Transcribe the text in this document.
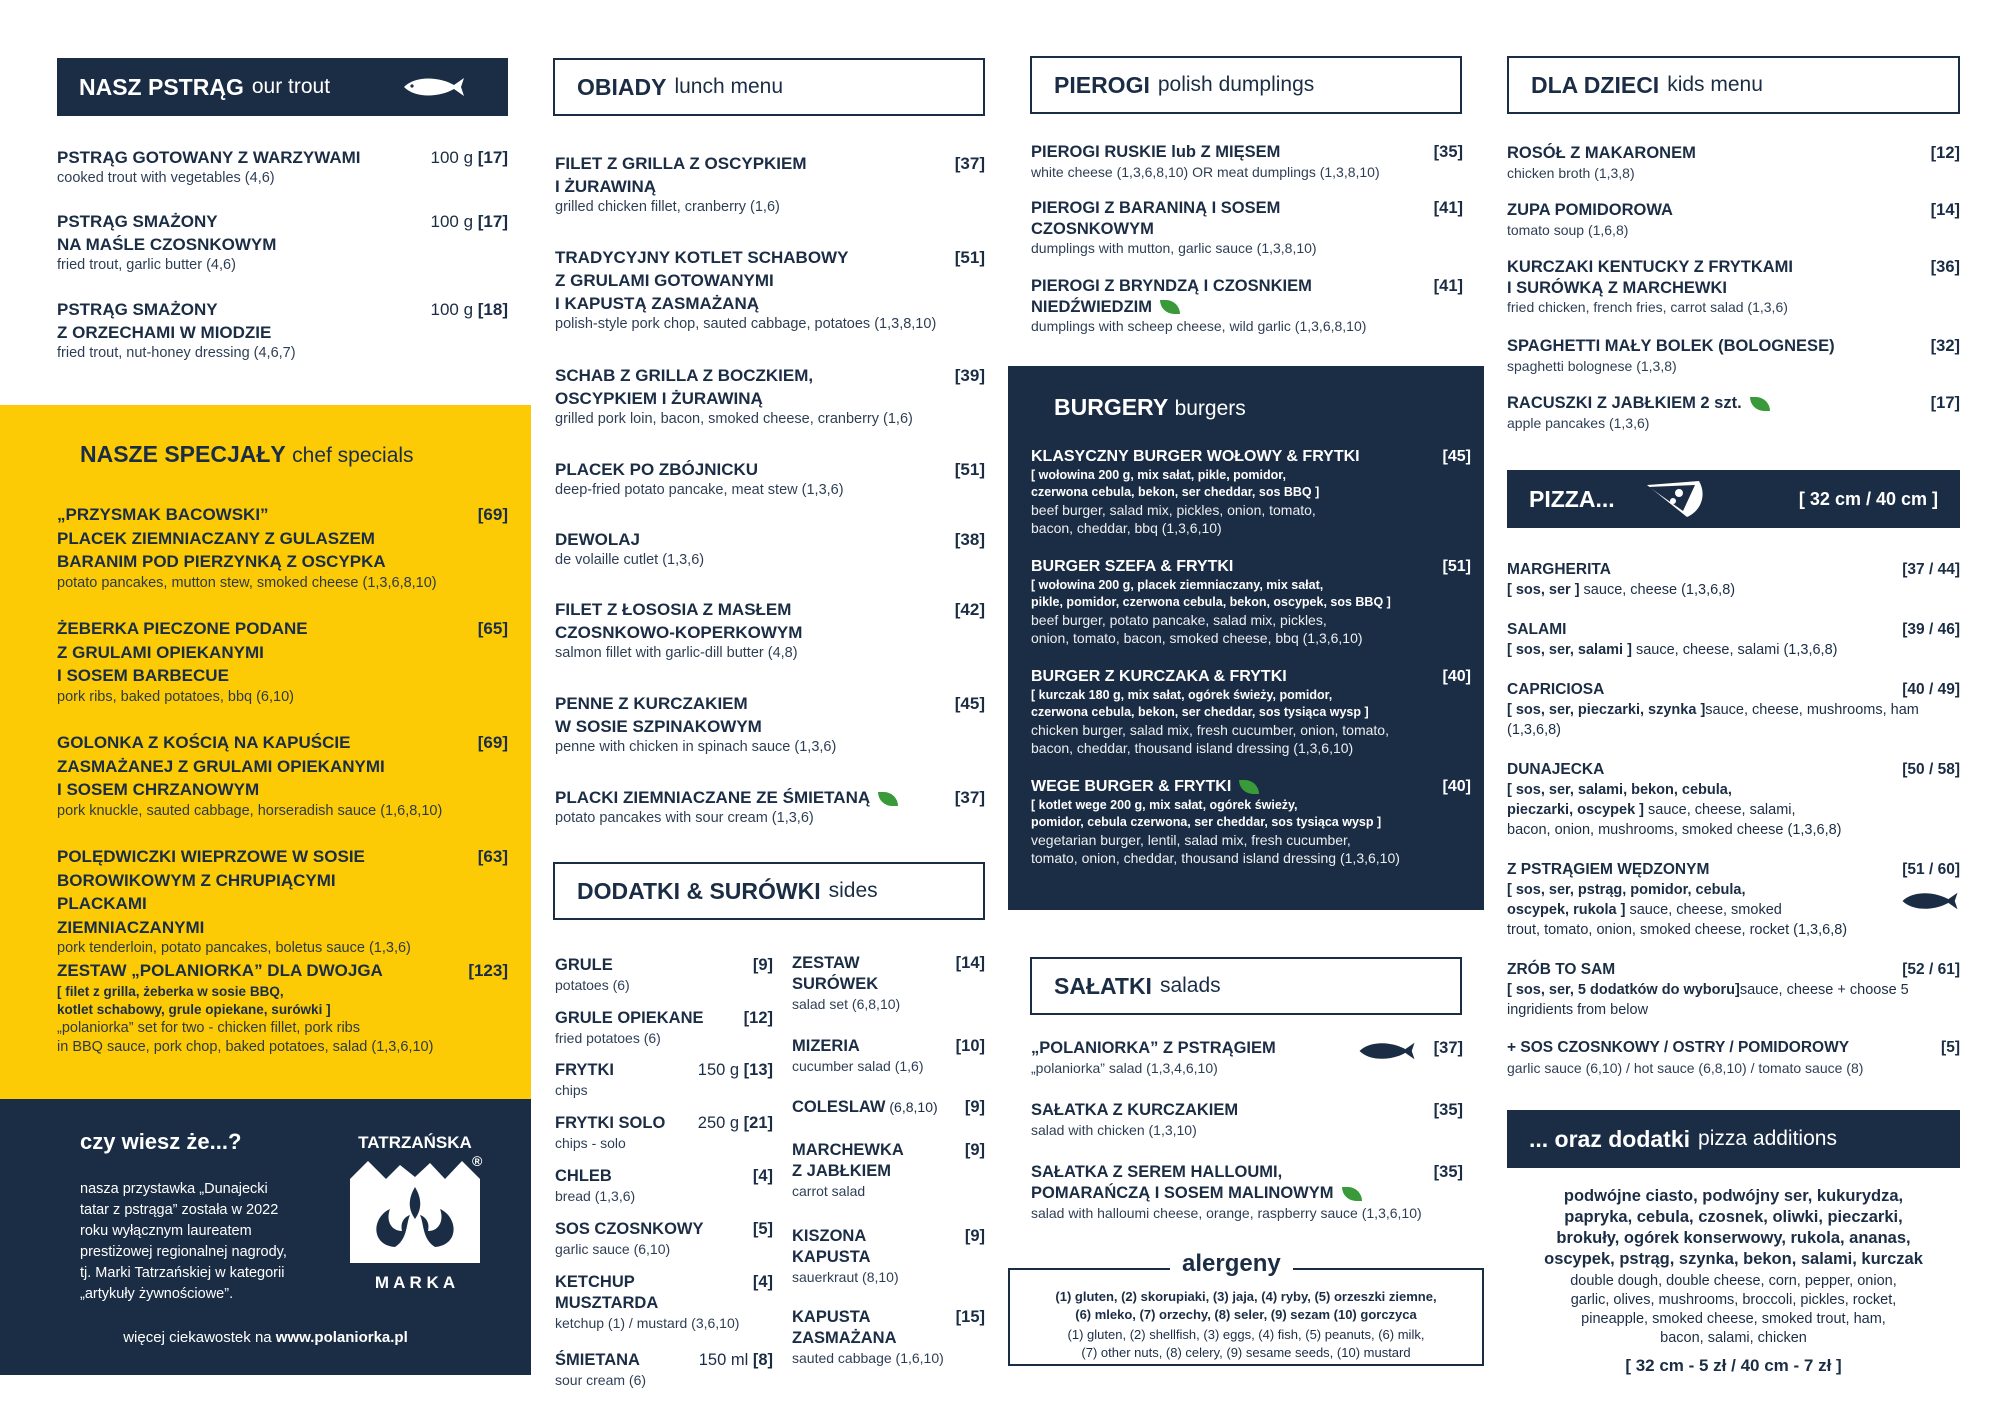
NASZ PSTRĄG our trout
PSTRĄG GOTOWANY Z WARZYWAMI
cooked trout with vegetables (4,6)
100 g [17]
PSTRĄG SMAŻONY
NA MAŚLE CZOSNKOWYM
fried trout, garlic butter (4,6)
100 g [17]
PSTRĄG SMAŻONY
Z ORZECHAMI W MIODZIE
fried trout, nut-honey dressing (4,6,7)
100 g [18]
NASZE SPECJAŁY chef specials
„PRZYSMAK BACOWSKI”
PLACEK ZIEMNIACZANY Z GULASZEM
BARANIM POD PIERZYNKĄ Z OSCYPKA
potato pancakes, mutton stew, smoked cheese (1,3,6,8,10)
[69]
ŻEBERKA PIECZONE PODANE
Z GRULAMI OPIEKANYMI
I SOSEM BARBECUE
pork ribs, baked potatoes, bbq (6,10)
[65]
GOLONKA Z KOŚCIĄ NA KAPUŚCIE
ZASMAŻANEJ Z GRULAMI OPIEKANYMI
I SOSEM CHRZANOWYM
pork knuckle, sauted cabbage, horseradish sauce (1,6,8,10)
[69]
POLĘDWICZKI WIEPRZOWE W SOSIE
BOROWIKOWYM Z CHRUPIĄCYMI PLACKAMI
ZIEMNIACZANYMI
pork tenderloin, potato pancakes, boletus sauce (1,3,6)
[63]
ZESTAW „POLANIORKA” DLA DWOJGA
[ filet z grilla, żeberka w sosie BBQ,
kotlet schabowy, grule opiekane, surówki ]
„polaniorka” set for two - chicken fillet, pork ribs
in BBQ sauce, pork chop, baked potatoes, salad (1,3,6,10)
[123]
czy wiesz że...?
nasza przystawka „Dunajecki
tatar z pstrąga” została w 2022
roku wyłącznym laureatem
prestiżowej regionalnej nagrody,
tj. Marki Tatrzańskiej w kategorii
„artykuły żywnościowe”.
TATRZAŃSKA
®
M A R K A
więcej ciekawostek na www.polaniorka.pl
OBIADY lunch menu
FILET Z GRILLA Z OSCYPKIEM
I ŻURAWINĄ
grilled chicken fillet, cranberry (1,6)
[37]
TRADYCYJNY KOTLET SCHABOWY
Z GRULAMI GOTOWANYMI
I KAPUSTĄ ZASMAŻANĄ
polish-style pork chop, sauted cabbage, potatoes (1,3,8,10)
[51]
SCHAB Z GRILLA Z BOCZKIEM,
OSCYPKIEM I ŻURAWINĄ
grilled pork loin, bacon, smoked cheese, cranberry (1,6)
[39]
PLACEK PO ZBÓJNICKU
deep-fried potato pancake, meat stew (1,3,6)
[51]
DEWOLAJ
de volaille cutlet (1,3,6)
[38]
FILET Z ŁOSOSIA Z MASŁEM
CZOSNKOWO-KOPERKOWYM
salmon fillet with garlic-dill butter (4,8)
[42]
PENNE Z KURCZAKIEM
W SOSIE SZPINAKOWYM
penne with chicken in spinach sauce (1,3,6)
[45]
PLACKI ZIEMNIACZANE ZE ŚMIETANĄ
potato pancakes with sour cream (1,3,6)
[37]
DODATKI & SURÓWKI sides
GRULE
potatoes (6)
[9]
GRULE OPIEKANE
fried potatoes (6)
[12]
FRYTKI
chips
150 g [13]
FRYTKI SOLO
chips - solo
250 g [21]
CHLEB
bread (1,3,6)
[4]
SOS CZOSNKOWY
garlic sauce (6,10)
[5]
KETCHUP
MUSZTARDA
ketchup (1) / mustard (3,6,10)
[4]
ŚMIETANA
sour cream (6)
150 ml [8]
ZESTAW
SURÓWEK
salad set (6,8,10)
[14]
MIZERIA
cucumber salad (1,6)
[10]
COLESLAW (6,8,10)	[9]
MARCHEWKA
Z JABŁKIEM
carrot salad
[9]
KISZONA
KAPUSTA
sauerkraut (8,10)
[9]
KAPUSTA
ZASMAŻANA
sauted cabbage (1,6,10)
[15]
PIEROGI polish dumplings
PIEROGI RUSKIE lub Z MIĘSEM
white cheese (1,3,6,8,10) OR meat dumplings (1,3,8,10)
[35]
PIEROGI Z BARANINĄ I SOSEM
CZOSNKOWYM
dumplings with mutton, garlic sauce (1,3,8,10)
[41]
PIEROGI Z BRYNDZĄ I CZOSNKIEM
NIEDŹWIEDZIM
dumplings with scheep cheese, wild garlic (1,3,6,8,10)
[41]
BURGERY burgers
KLASYCZNY BURGER WOŁOWY & FRYTKI
[ wołowina 200 g, mix sałat, pikle, pomidor,
czerwona cebula, bekon, ser cheddar, sos BBQ ]
beef burger, salad mix, pickles, onion, tomato,
bacon, cheddar, bbq (1,3,6,10)
[45]
BURGER SZEFA & FRYTKI
[ wołowina 200 g, placek ziemniaczany, mix sałat,
pikle, pomidor, czerwona cebula, bekon, oscypek, sos BBQ ]
beef burger, potato pancake, salad mix, pickles,
onion, tomato, bacon, smoked cheese, bbq (1,3,6,10)
[51]
BURGER Z KURCZAKA & FRYTKI
[ kurczak 180 g, mix sałat, ogórek świeży, pomidor,
czerwona cebula, bekon, ser cheddar, sos tysiąca wysp ]
chicken burger, salad mix, fresh cucumber, onion, tomato,
bacon, cheddar, thousand island dressing (1,3,6,10)
[40]
WEGE BURGER & FRYTKI
[ kotlet wege 200 g, mix sałat, ogórek świeży,
pomidor, cebula czerwona, ser cheddar, sos tysiąca wysp ]
vegetarian burger, lentil, salad mix, fresh cucumber,
tomato, onion, cheddar, thousand island dressing (1,3,6,10)
[40]
SAŁATKI salads
„POLANIORKA” Z PSTRĄGIEM
„polaniorka” salad (1,3,4,6,10)
[37]
SAŁATKA Z KURCZAKIEM
salad with chicken (1,3,10)
[35]
SAŁATKA Z SEREM HALLOUMI,
POMARAŃCZĄ I SOSEM MALINOWYM
salad with halloumi cheese, orange, raspberry sauce (1,3,6,10)
[35]
alergeny
(1) gluten, (2) skorupiaki, (3) jaja, (4) ryby, (5) orzeszki ziemne,
(6) mleko, (7) orzechy, (8) seler, (9) sezam (10) gorczyca
(1) gluten, (2) shellfish, (3) eggs, (4) fish, (5) peanuts, (6) milk,
(7) other nuts, (8) celery, (9) sesame seeds, (10) mustard
DLA DZIECI kids menu
ROSÓŁ Z MAKARONEM
chicken broth (1,3,8)
[12]
ZUPA POMIDOROWA
tomato soup (1,6,8)
[14]
KURCZAKI KENTUCKY Z FRYTKAMI
I SURÓWKĄ Z MARCHEWKI
fried chicken, french fries, carrot salad (1,3,6)
[36]
SPAGHETTI MAŁY BOLEK (BOLOGNESE)
spaghetti bolognese (1,3,8)
[32]
RACUSZKI Z JABŁKIEM 2 szt.
apple pancakes (1,3,6)
[17]
PIZZA...	[ 32 cm / 40 cm ]
MARGHERITA
[ sos, ser ] sauce, cheese (1,3,6,8)
[37 / 44]
SALAMI
[ sos, ser, salami ] sauce, cheese, salami (1,3,6,8)
[39 / 46]
CAPRICIOSA
[ sos, ser, pieczarki, szynka ]sauce, cheese, mushrooms, ham (1,3,6,8)
[40 / 49]
DUNAJECKA
[ sos, ser, salami, bekon, cebula,
pieczarki, oscypek ] sauce, cheese, salami,
bacon, onion, mushrooms, smoked cheese (1,3,6,8)
[50 / 58]
Z PSTRĄGIEM WĘDZONYM
[ sos, ser, pstrąg, pomidor, cebula,
oscypek, rukola ] sauce, cheese, smoked
trout, tomato, onion, smoked cheese, rocket (1,3,6,8)
[51 / 60]
ZRÓB TO SAM
[ sos, ser, 5 dodatków do wyboru]sauce, cheese + choose 5 ingridients from below
[52 / 61]
+ SOS CZOSNKOWY / OSTRY / POMIDOROWY
garlic sauce (6,10) / hot sauce (6,8,10) / tomato sauce (8)
[5]
... oraz dodatki pizza additions
podwójne ciasto, podwójny ser, kukurydza,
papryka, cebula, czosnek, oliwki, pieczarki,
brokuły, ogórek konserwowy, rukola, ananas,
oscypek, pstrąg, szynka, bekon, salami, kurczak
double dough, double cheese, corn, pepper, onion,
garlic, olives, mushrooms, broccoli, pickles, rocket,
pineapple, smoked cheese, smoked trout, ham,
bacon, salami, chicken
[ 32 cm - 5 zł / 40 cm - 7 zł ]
